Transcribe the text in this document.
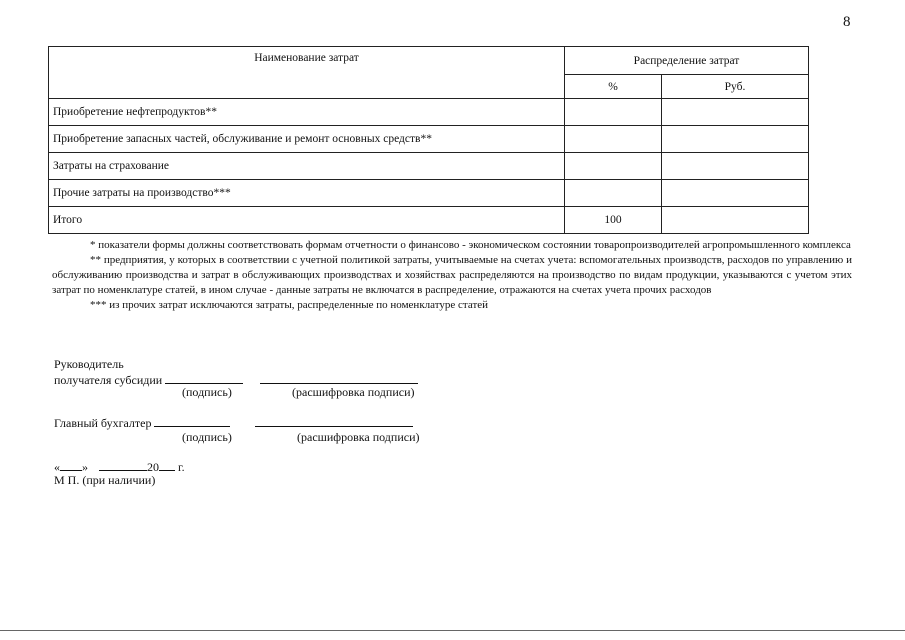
8
Наименование затрат	Распределение затрат	
	%	Руб.
Приобретение нефтепродуктов**		
Приобретение запасных частей, обслуживание и ремонт основных средств**		
Затраты на страхование		
Прочие затраты на производство***		
Итого	100	

* показатели формы должны соответствовать формам отчетности о финансово - экономическом состоянии товаропроизводителей агропромышленного комплекса

** предприятия, у которых в соответствии с учетной политикой затраты, учитываемые на счетах учета: вспомогательных производств, расходов по управлению и обслуживанию производства и затрат в обслуживающих производствах и хозяйствах распределяются на производство по видам продукции, указываются с учетом этих затрат по номенклатуре статей, в ином случае - данные затраты не включатся в распределение, отражаются на счетах учета прочих расходов

*** из прочих затрат исключаются затраты, распределенные по номенклатуре статей

Руководитель
получателя субсидии
(подпись)	(расшифровка подписи)
Главный бухгалтер
(подпись)	(расшифровка подписи)
« »	20 г.
М П. (при наличии)
